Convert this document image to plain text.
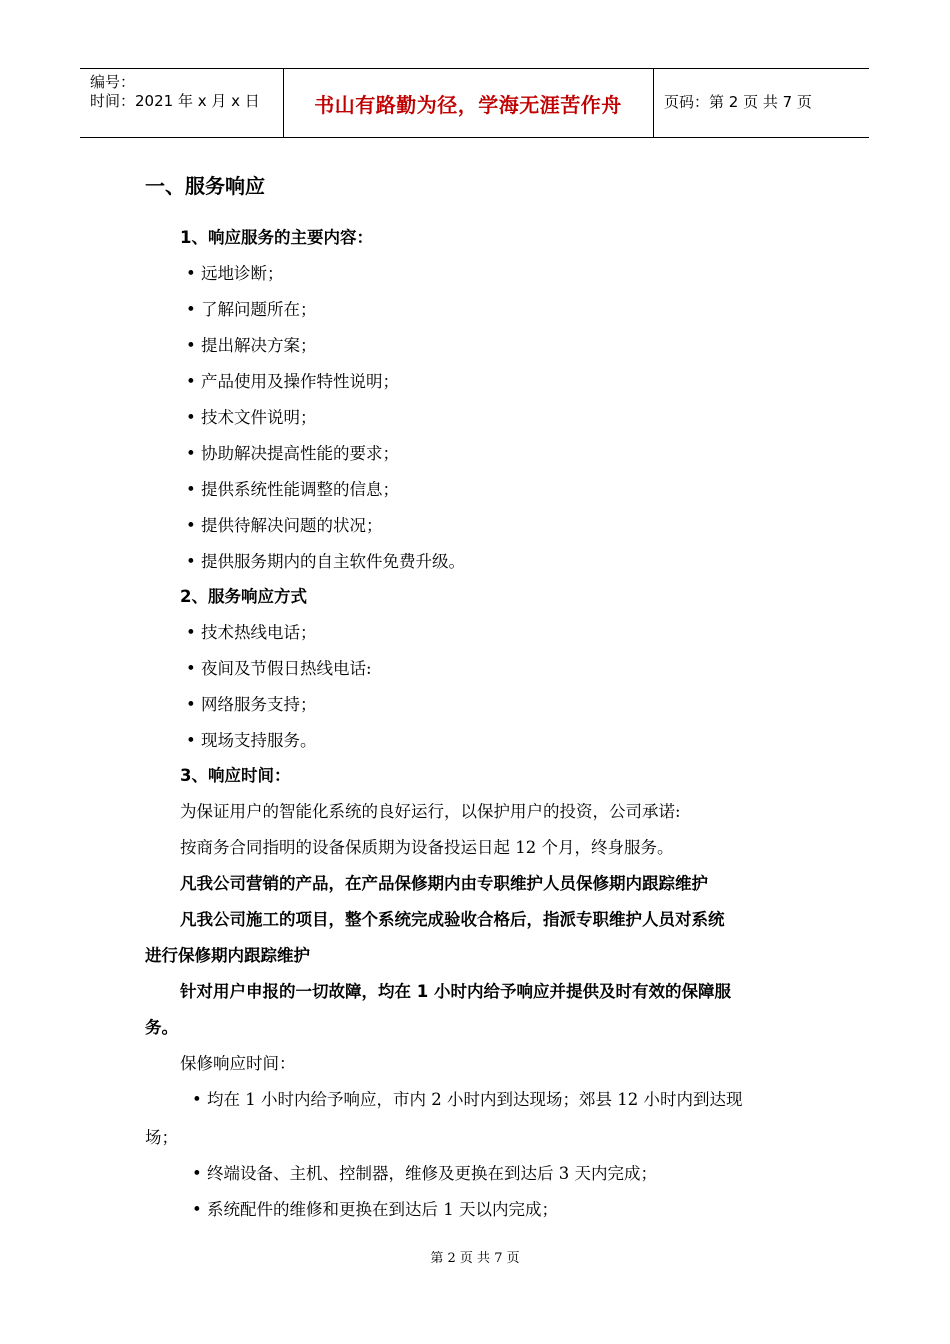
编号：
时间：2021 年 x 月 x 日	书山有路勤为径，学海无涯苦作舟	页码：第 2 页 共 7 页
一、服务响应
1、响应服务的主要内容：
• 远地诊断；
• 了解问题所在；
• 提出解决方案；
• 产品使用及操作特性说明；
• 技术文件说明；
• 协助解决提高性能的要求；
• 提供系统性能调整的信息；
• 提供待解决问题的状况；
• 提供服务期内的自主软件免费升级。
2、服务响应方式
• 技术热线电话；
• 夜间及节假日热线电话:
• 网络服务支持；
• 现场支持服务。
3、响应时间：
为保证用户的智能化系统的良好运行，以保护用户的投资，公司承诺:
按商务合同指明的设备保质期为设备投运日起 12 个月，终身服务。
凡我公司营销的产品，在产品保修期内由专职维护人员保修期内跟踪维护
凡我公司施工的项目，整个系统完成验收合格后，指派专职维护人员对系统
进行保修期内跟踪维护
针对用户申报的一切故障，均在 1 小时内给予响应并提供及时有效的保障服
务。
保修响应时间：
• 均在 1 小时内给予响应，市内 2 小时内到达现场；郊县 12 小时内到达现
场；
• 终端设备、主机、控制器，维修及更换在到达后 3 天内完成；
• 系统配件的维修和更换在到达后 1 天以内完成；
第 2 页 共 7 页
